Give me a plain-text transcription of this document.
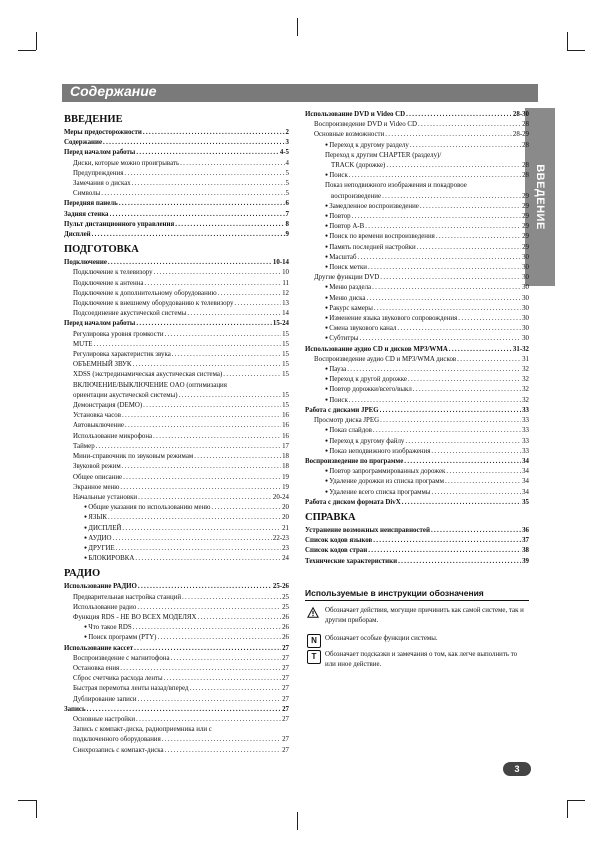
Содержание
ВВЕДЕНИЕ
ВВЕДЕНИЕ
Меры предосторожности . . .	2
Содержание . . .	3
Перед началом работы . . .	4-5
Диски, которые можно проигрывать . . .	4
Предупреждения . . .	5
Замечания о дисках . . .	5
Символы . . .	5
Передняя панель . . .	6
Задняя стенка . . .	7
Пульт дистанционного управления . . .	8
Дисплей . . .	9
ПОДГОТОВКА
Подключение . . .	10-14
Подключение к телевизору . . .	10
Подключение к антенна . . .	11
Подключение к дополнительному оборудованию . . .	12
Подключение к внешнему оборудованию к телевизору . . .	13
Подсоединение акустической системы . . .	14
Перед началом работы . . .	15-24
Регулировка уровня громкости . . .	15
MUTE . . .	15
Регулировка характеристик звука . . .	15
ОБЪЕМНЫЙ ЗВУК . . .	15
XDSS (экстрединамическая акустическая система) . . .	15
ВКЛЮЧЕНИЕ/ВЫКЛЮЧЕНИЕ OAO (оптимизация
ориентации акустической системы) . . .	15
Демонстрация (DEMO) . . .	15
Установка часов . . .	16
Автовыключение . . .	16
Использование микрофона . . .	16
Таймер . . .	17
Мини-справочник по звуковым режимам . . .	18
Звуковой режим . . .	18
Общее описание . . .	19
Экранное меню . . .	19
Начальные установки . . .	20-24
● Общие указания по использованию меню . . .	20
● ЯЗЫК . . .	20
● ДИСПЛЕЙ . . .	21
● АУДИО . . .	22-23
● ДРУГИЕ . . .	23
● БЛОКИРОВКА . . .	24
РАДИО
Использование РАДИО . . .	25-26
Предварительная настройка станций . . .	25
Использование радио . . .	25
Функция RDS - НЕ ВО ВСЕХ МОДЕЛЯХ . . .	26
● Что такое RDS . . .	26
● Поиск программ (PTY) . . .	26
Использование кассет . . .	27
Воспроизведение с магнитофона . . .	27
Остановка ения . . .	27
Сброс счетчика расхода ленты . . .	27
Быстрая перемотка ленты назад/вперед . . .	27
Дублирование записи . . .	27
Запись . . .	27
Основные настройки . . .	27
Запись с компакт-диска, радиоприемника или с
подключенного оборудования . . .	27
Синхрозапись с компакт-диска . . .	27
Использование DVD и Video CD . . .	28-30
Воспроизведение DVD и Video CD . . .	28
Основные возможности . . .	28-29
● Переход к другому разделу . . .	28
Переход к другим CHAPTER (разделу)/
TRACK (дорожке) . . .	28
● Поиск . . .	28
Показ неподвижного изображения и покадровое
воспроизведение . . .	29
● Замедленное воспроизведение . . .	29
● Повтор . . .	29
● Повтор A-B . . .	29
● Поиск по времени воспроизведения . . .	29
● Память последней настройки . . .	29
● Масштаб . . .	30
● Поиск метки . . .	30
Другие функции DVD . . .	30
● Меню раздела . . .	30
● Меню диска . . .	30
● Ракурс камеры . . .	30
● Изменение языка звукового сопровождения . . .	30
● Смена звукового канал . . .	30
● Субтитры . . .	30
Использование аудио CD и дисков MP3/WMA . . .	31-32
Воспроизведение аудио CD и MP3/WMA дисков . . .	31
● Пауза . . .	32
● Переход к другой дорожке . . .	32
● Повтор дорожки/всего/выкл . . .	32
● Поиск . . .	32
Работа с дисками JPEG . . .	33
Просмотр диска JPEG . . .	33
● Показ слайдов . . .	33
● Переход к другому файлу . . .	33
● Показ неподвижного изображения . . .	33
Воспроизведение по программе . . .	34
● Повтор запрограммированных дорожек . . .	34
● Удаление дорожки из списка программ . . .	34
● Удаление всего списка программы . . .	34
Работа с диском формата DivX . . .	35
СПРАВКА
Устранение возможных неисправностей . . .	36
Список кодов языков . . .	37
Список кодов стран . . .	38
Технические характеристики . . .	39
Используемые в инструкции обозначения
Обозначает действия, могущие причинить как самой системе, так и другим приборам.
N	Обозначает особые функции системы.
T	Обозначает подсказки и замечания о том, как легче выполнить то или иное действие.
3
